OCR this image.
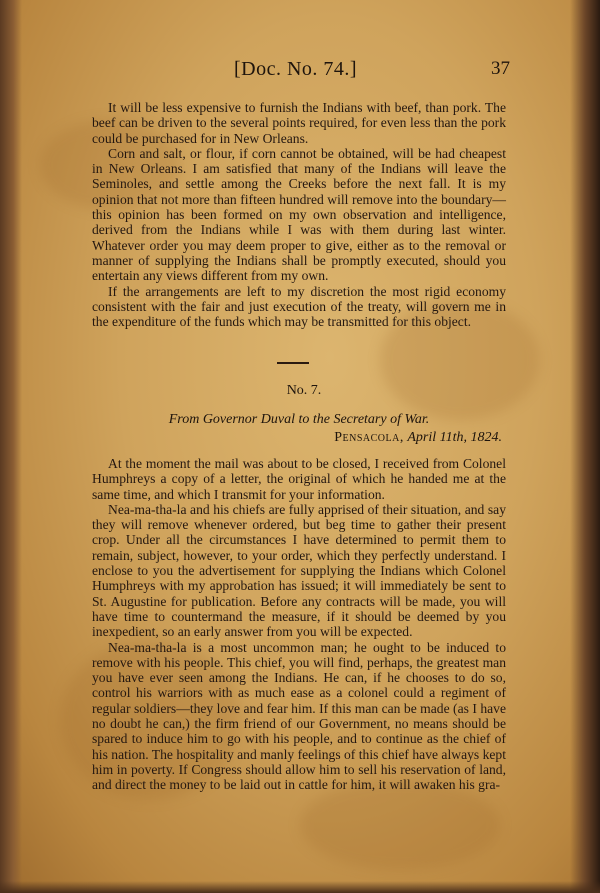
[Doc. No. 74.]	37

It will be less expensive to furnish the Indians with beef, than pork. The beef can be driven to the several points required, for even less than the pork could be purchased for in New Orleans.

Corn and salt, or flour, if corn cannot be obtained, will be had cheapest in New Orleans. I am satisfied that many of the Indians will leave the Seminoles, and settle among the Creeks before the next fall. It is my opinion that not more than fifteen hundred will remove into the boundary—this opinion has been formed on my own observation and intelligence, derived from the Indians while I was with them during last winter. Whatever order you may deem proper to give, either as to the removal or manner of supplying the Indians shall be promptly executed, should you entertain any views different from my own.

If the arrangements are left to my discretion the most rigid economy consistent with the fair and just execution of the treaty, will govern me in the expenditure of the funds which may be transmitted for this object.

No. 7.
From Governor Duval to the Secretary of War.
Pensacola, April 11th, 1824.

At the moment the mail was about to be closed, I received from Colonel Humphreys a copy of a letter, the original of which he handed me at the same time, and which I transmit for your information.

Nea-ma-tha-la and his chiefs are fully apprised of their situation, and say they will remove whenever ordered, but beg time to gather their present crop. Under all the circumstances I have determined to permit them to remain, subject, however, to your order, which they perfectly understand. I enclose to you the advertisement for supplying the Indians which Colonel Humphreys with my approbation has issued; it will immediately be sent to St. Augustine for publication. Before any contracts will be made, you will have time to countermand the measure, if it should be deemed by you inexpedient, so an early answer from you will be expected.

Nea-ma-tha-la is a most uncommon man; he ought to be induced to remove with his people. This chief, you will find, perhaps, the greatest man you have ever seen among the Indians. He can, if he chooses to do so, control his warriors with as much ease as a colonel could a regiment of regular soldiers—they love and fear him. If this man can be made (as I have no doubt he can,) the firm friend of our Government, no means should be spared to induce him to go with his people, and to continue as the chief of his nation. The hospitality and manly feelings of this chief have always kept him in poverty. If Congress should allow him to sell his reservation of land, and direct the money to be laid out in cattle for him, it will awaken his gra-
